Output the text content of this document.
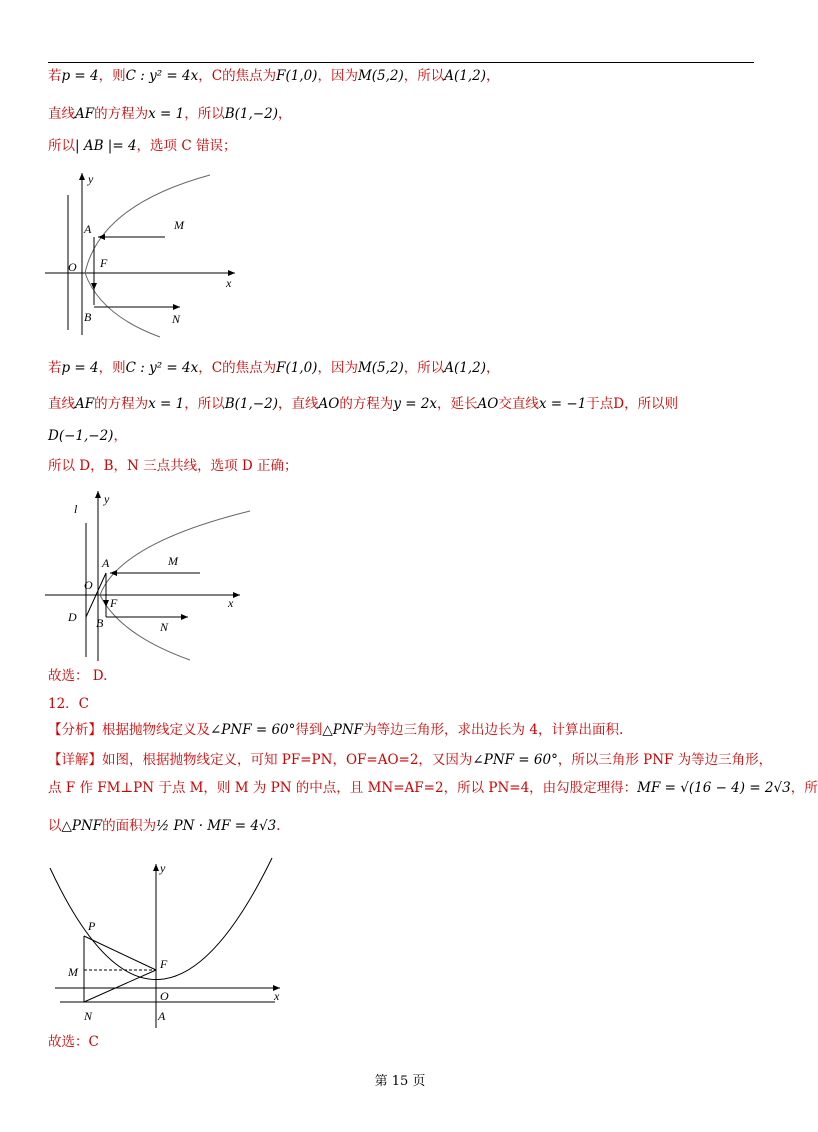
若p = 4，则C : y² = 4x，C的焦点为F(1,0)，因为M(5,2)，所以A(1,2)，
直线AF的方程为x = 1，所以B(1,−2)，
所以| AB |= 4，选项 C 错误；
y
x
O
A
F
B
M
N
若p = 4，则C : y² = 4x，C的焦点为F(1,0)，因为M(5,2)，所以A(1,2)，
直线AF的方程为x = 1，所以B(1,−2)，直线AO的方程为y = 2x，延长AO交直线x = −1于点D，所以则
D(−1,−2)，
所以 D，B，N 三点共线，选项 D 正确；
l
y
x
O
A
F
B
D
M
N
故选： D.
12．C
【分析】根据抛物线定义及∠PNF = 60°得到△PNF为等边三角形，求出边长为 4，计算出面积.
【详解】如图，根据抛物线定义，可知 PF=PN，OF=AO=2，又因为∠PNF = 60°，所以三角形 PNF 为等边三角形，
点 F 作 FM⊥PN 于点 M，则 M 为 PN 的中点，且 MN=AF=2，所以 PN=4，由勾股定理得：MF = √(16 − 4) = 2√3，所
以△PNF的面积为½ PN · MF = 4√3.
y
x
P
M
F
O
N	A
故选：C
第 15 页
